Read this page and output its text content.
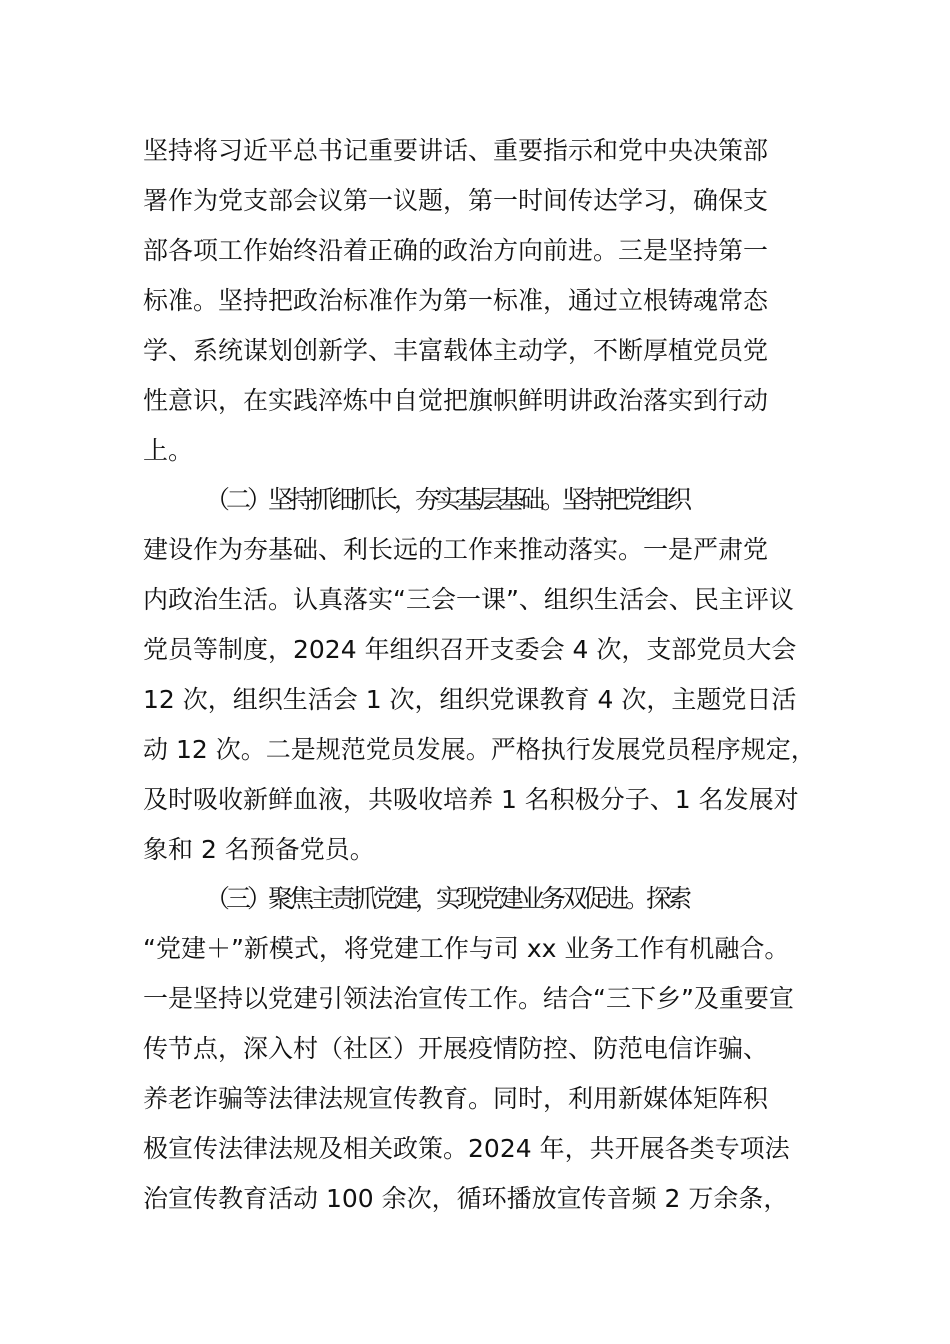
坚持将习近平总书记重要讲话、重要指示和党中央决策部
署作为党支部会议第一议题，第一时间传达学习，确保支
部各项工作始终沿着正确的政治方向前进。三是坚持第一
标准。坚持把政治标准作为第一标准，通过立根铸魂常态
学、系统谋划创新学、丰富载体主动学，不断厚植党员党
性意识，在实践淬炼中自觉把旗帜鲜明讲政治落实到行动
上。
（二）坚持抓细抓长，夯实基层基础。坚持把党组织
建设作为夯基础、利长远的工作来推动落实。一是严肃党
内政治生活。认真落实“三会一课”、组织生活会、民主评议
党员等制度，2024 年组织召开支委会 4 次，支部党员大会
12 次，组织生活会 1 次，组织党课教育 4 次，主题党日活
动 12 次。二是规范党员发展。严格执行发展党员程序规定，
及时吸收新鲜血液，共吸收培养 1 名积极分子、1 名发展对
象和 2 名预备党员。
（三）聚焦主责抓党建，实现党建业务双促进。探索
“党建＋”新模式，将党建工作与司 xx 业务工作有机融合。
一是坚持以党建引领法治宣传工作。结合“三下乡”及重要宣
传节点，深入村（社区）开展疫情防控、防范电信诈骗、
养老诈骗等法律法规宣传教育。同时，利用新媒体矩阵积
极宣传法律法规及相关政策。2024 年，共开展各类专项法
治宣传教育活动 100 余次，循环播放宣传音频 2 万余条，
